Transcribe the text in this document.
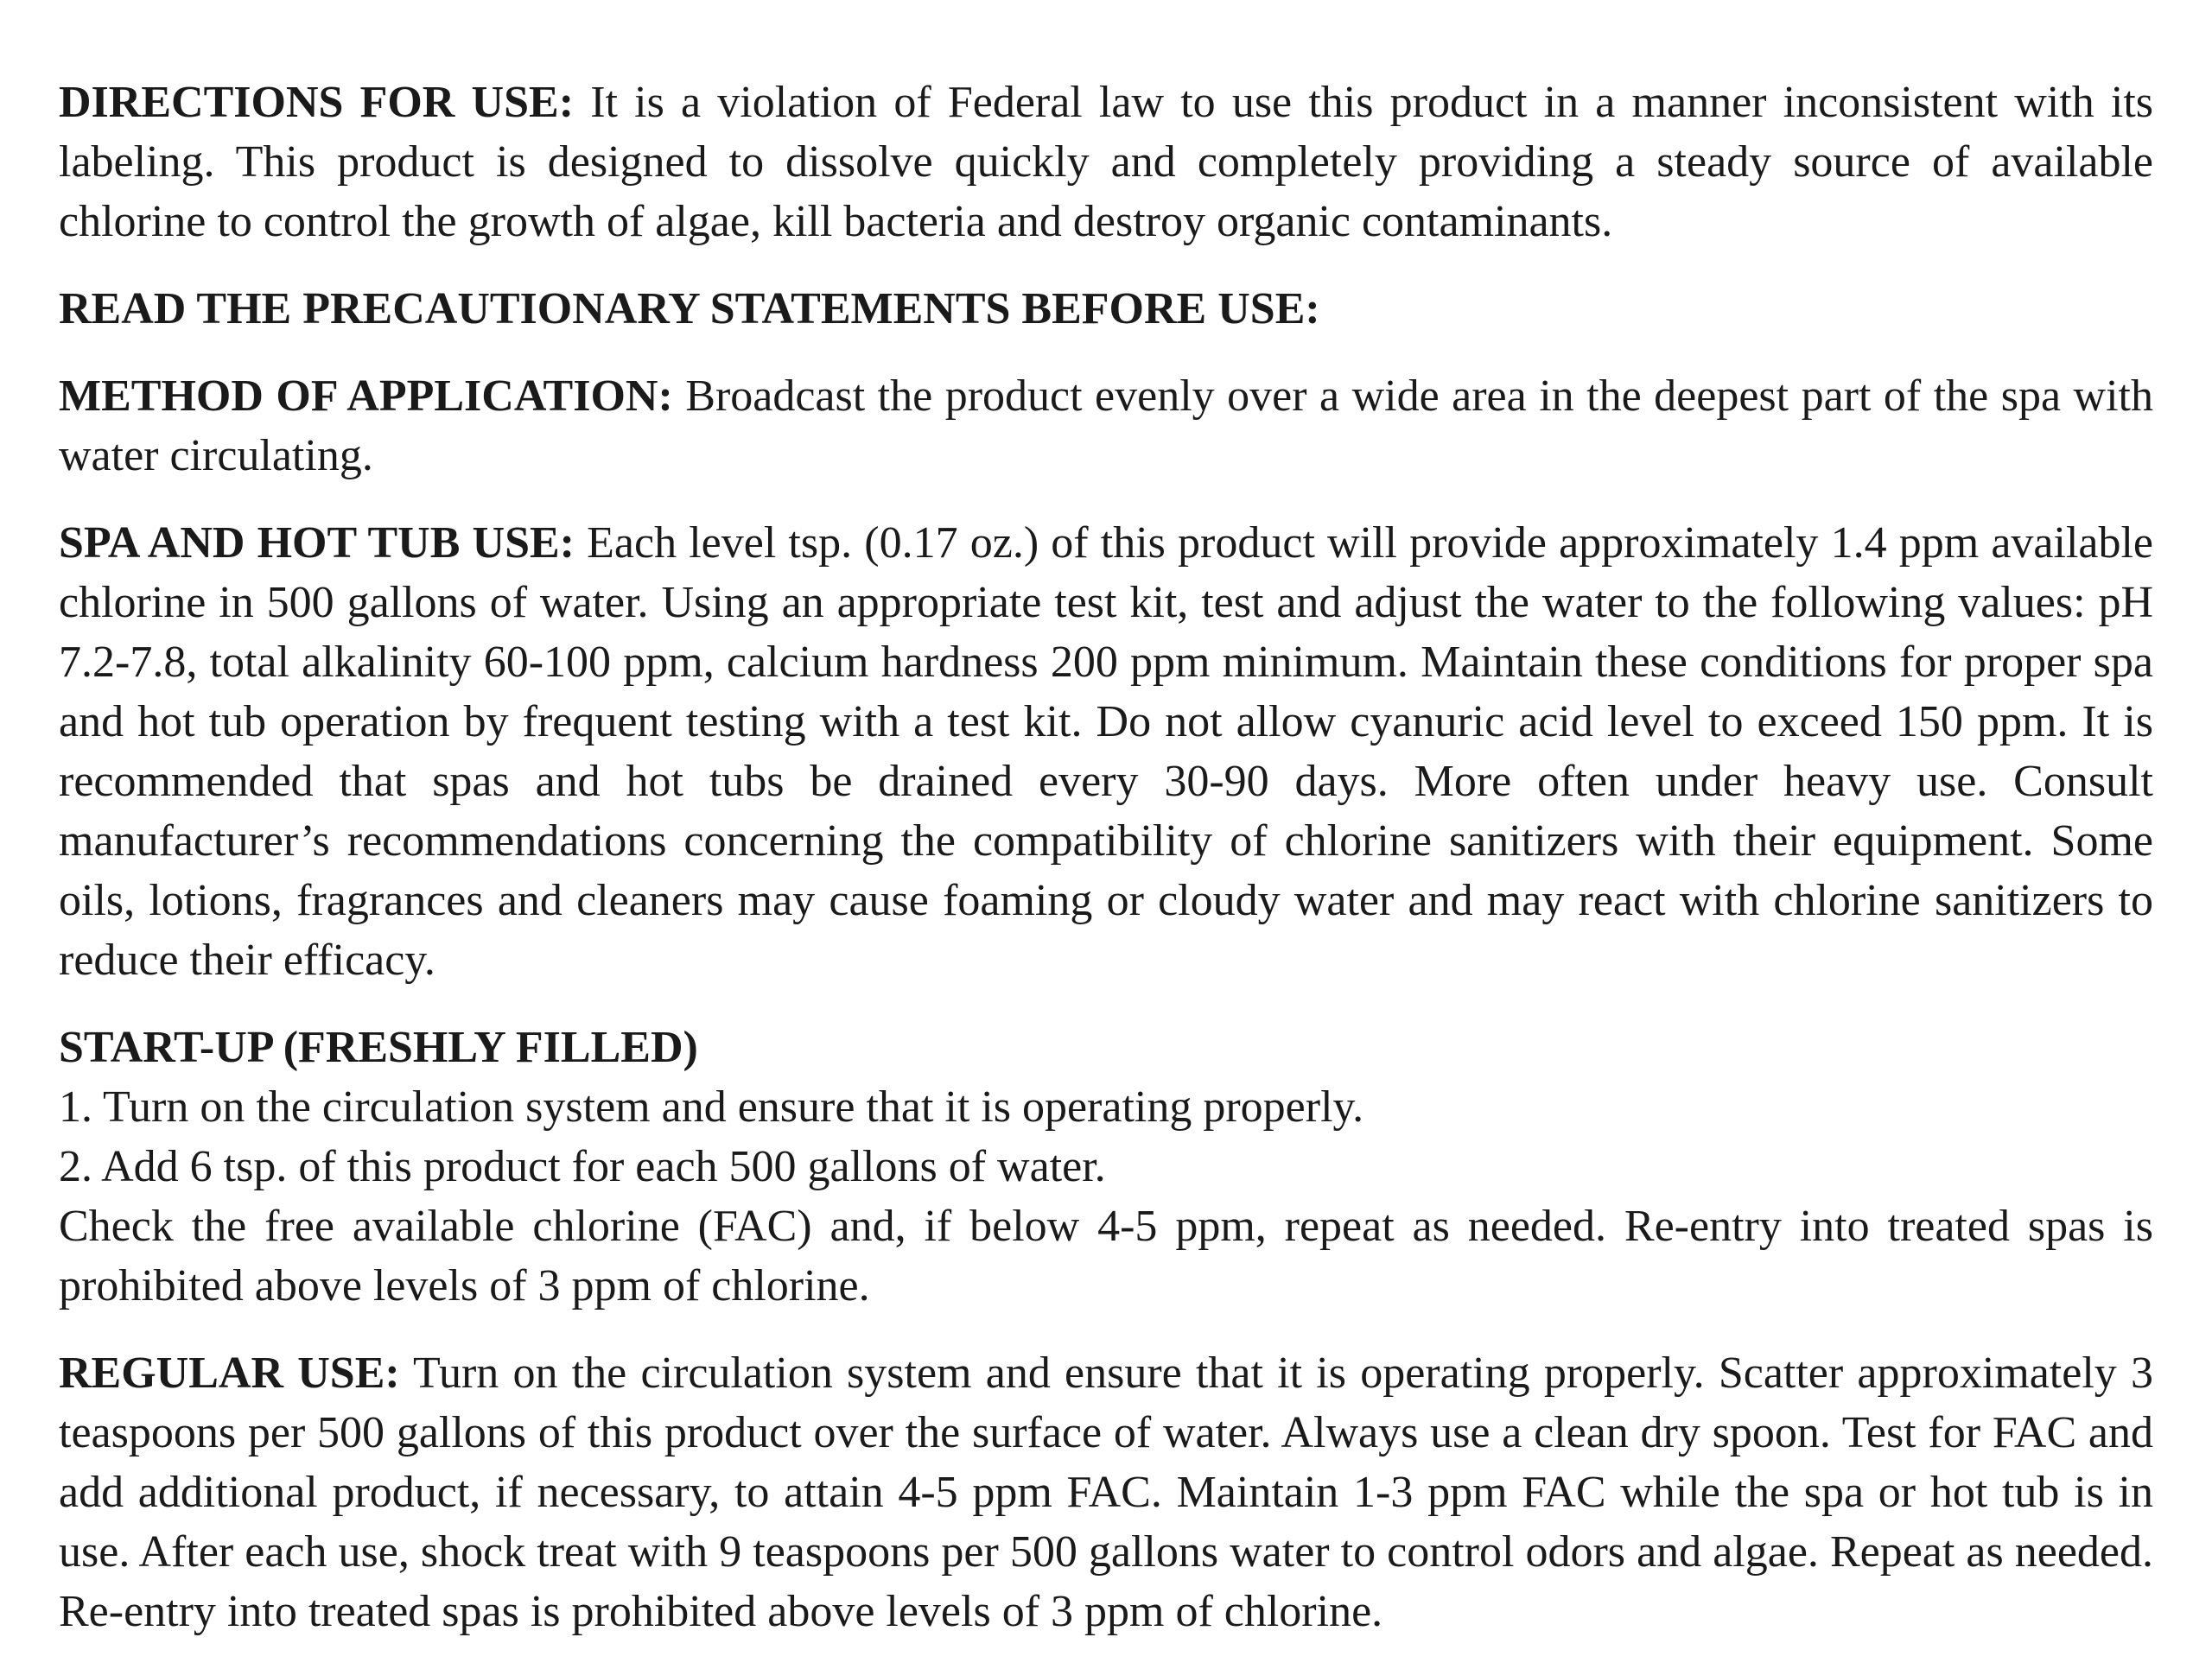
DIRECTIONS FOR USE: It is a violation of Federal law to use this product in a manner inconsistent with its labeling. This product is designed to dissolve quickly and completely providing a steady source of available chlorine to control the growth of algae, kill bacteria and destroy organic contaminants.

READ THE PRECAUTIONARY STATEMENTS BEFORE USE:

METHOD OF APPLICATION: Broadcast the product evenly over a wide area in the deepest part of the spa with water circulating.

SPA AND HOT TUB USE: Each level tsp. (0.17 oz.) of this product will provide approximately 1.4 ppm available chlorine in 500 gallons of water. Using an appropriate test kit, test and adjust the water to the following values: pH 7.2-7.8, total alkalinity 60-100 ppm, calcium hardness 200 ppm minimum. Maintain these conditions for proper spa and hot tub operation by frequent testing with a test kit. Do not allow cyanuric acid level to exceed 150 ppm. It is recommended that spas and hot tubs be drained every 30-90 days. More often under heavy use. Consult manufacturer’s recommendations concerning the compatibility of chlorine sanitizers with their equipment. Some oils, lotions, fragrances and cleaners may cause foaming or cloudy water and may react with chlorine sanitizers to reduce their efficacy.

START-UP (FRESHLY FILLED)
1. Turn on the circulation system and ensure that it is operating properly.
2. Add 6 tsp. of this product for each 500 gallons of water.
Check the free available chlorine (FAC) and, if below 4-5 ppm, repeat as needed. Re-entry into treated spas is prohibited above levels of 3 ppm of chlorine.

REGULAR USE: Turn on the circulation system and ensure that it is operating properly. Scatter approximately 3 teaspoons per 500 gallons of this product over the surface of water. Always use a clean dry spoon. Test for FAC and add additional product, if necessary, to attain 4-5 ppm FAC. Maintain 1-3 ppm FAC while the spa or hot tub is in use. After each use, shock treat with 9 teaspoons per 500 gallons water to control odors and algae. Repeat as needed. Re-entry into treated spas is prohibited above levels of 3 ppm of chlorine.
